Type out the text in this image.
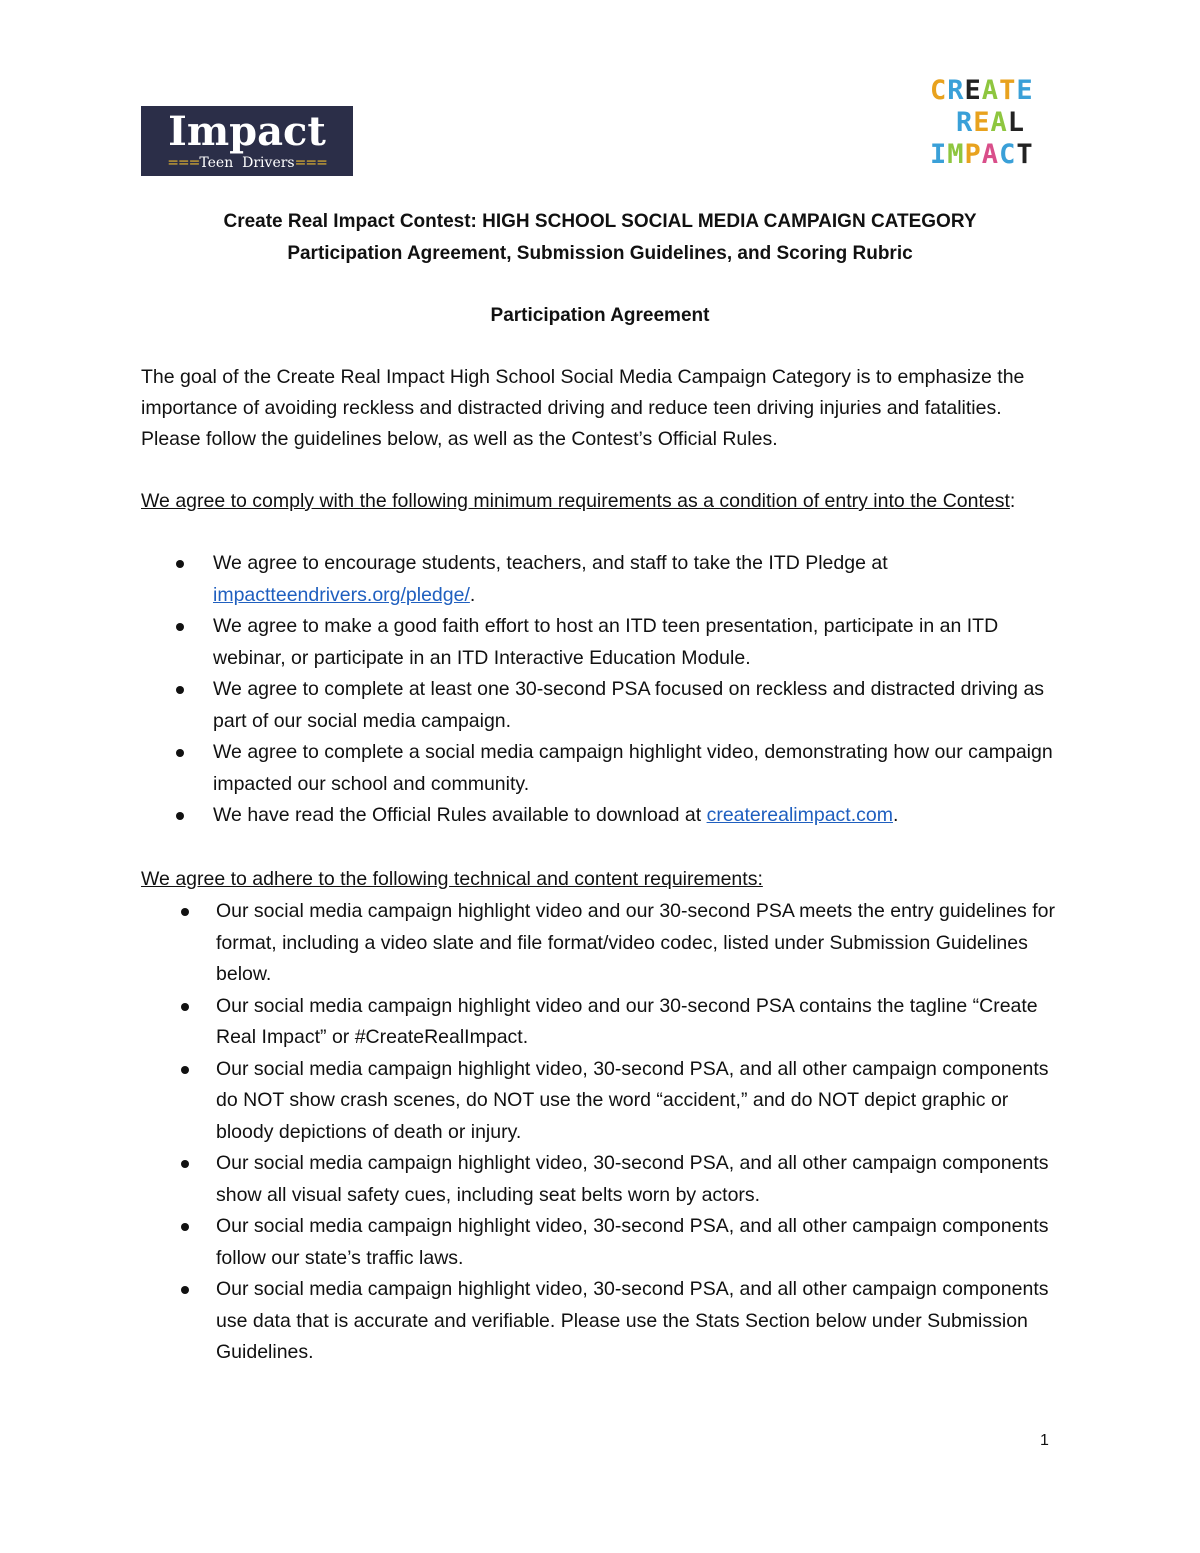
Impact
===Teen Drivers===
CREATE
REAL
IMPACT
Create Real Impact Contest: HIGH SCHOOL SOCIAL MEDIA CAMPAIGN CATEGORY
Participation Agreement, Submission Guidelines, and Scoring Rubric
Participation Agreement
The goal of the Create Real Impact High School Social Media Campaign Category is to emphasize the importance of avoiding reckless and distracted driving and reduce teen driving injuries and fatalities. Please follow the guidelines below, as well as the Contest’s Official Rules.
We agree to comply with the following minimum requirements as a condition of entry into the Contest:
We agree to encourage students, teachers, and staff to take the ITD Pledge at impactteendrivers.org/pledge/.
We agree to make a good faith effort to host an ITD teen presentation, participate in an ITD webinar, or participate in an ITD Interactive Education Module.
We agree to complete at least one 30-second PSA focused on reckless and distracted driving as part of our social media campaign.
We agree to complete a social media campaign highlight video, demonstrating how our campaign impacted our school and community.
We have read the Official Rules available to download at createrealimpact.com.
We agree to adhere to the following technical and content requirements:
Our social media campaign highlight video and our 30-second PSA meets the entry guidelines for format, including a video slate and file format/video codec, listed under Submission Guidelines below.
Our social media campaign highlight video and our 30-second PSA contains the tagline “Create Real Impact” or #CreateRealImpact.
Our social media campaign highlight video, 30-second PSA, and all other campaign components do NOT show crash scenes, do NOT use the word “accident,” and do NOT depict graphic or bloody depictions of death or injury.
Our social media campaign highlight video, 30-second PSA, and all other campaign components show all visual safety cues, including seat belts worn by actors.
Our social media campaign highlight video, 30-second PSA, and all other campaign components follow our state’s traffic laws.
Our social media campaign highlight video, 30-second PSA, and all other campaign components use data that is accurate and verifiable. Please use the Stats Section below under Submission Guidelines.
1
